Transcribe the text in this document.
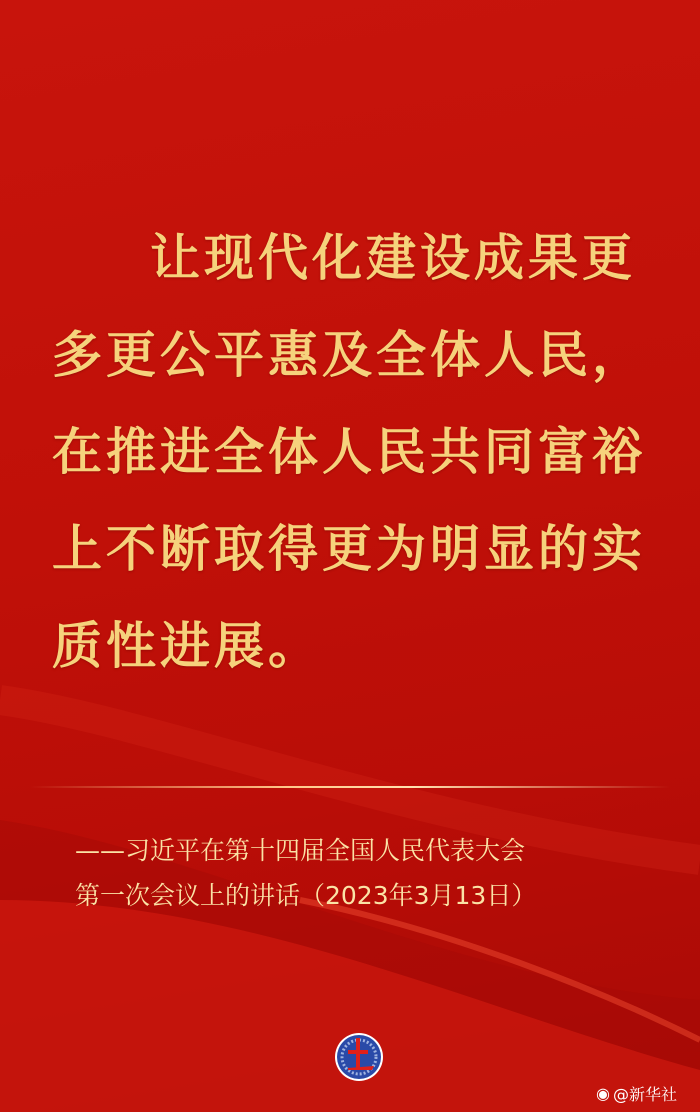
让现代化建设成果更
多更公平惠及全体人民，
在推进全体人民共同富裕
上不断取得更为明显的实
质性进展。
——习近平在第十四届全国人民代表大会
第一次会议上的讲话（2023年3月13日）
◉ @新华社
